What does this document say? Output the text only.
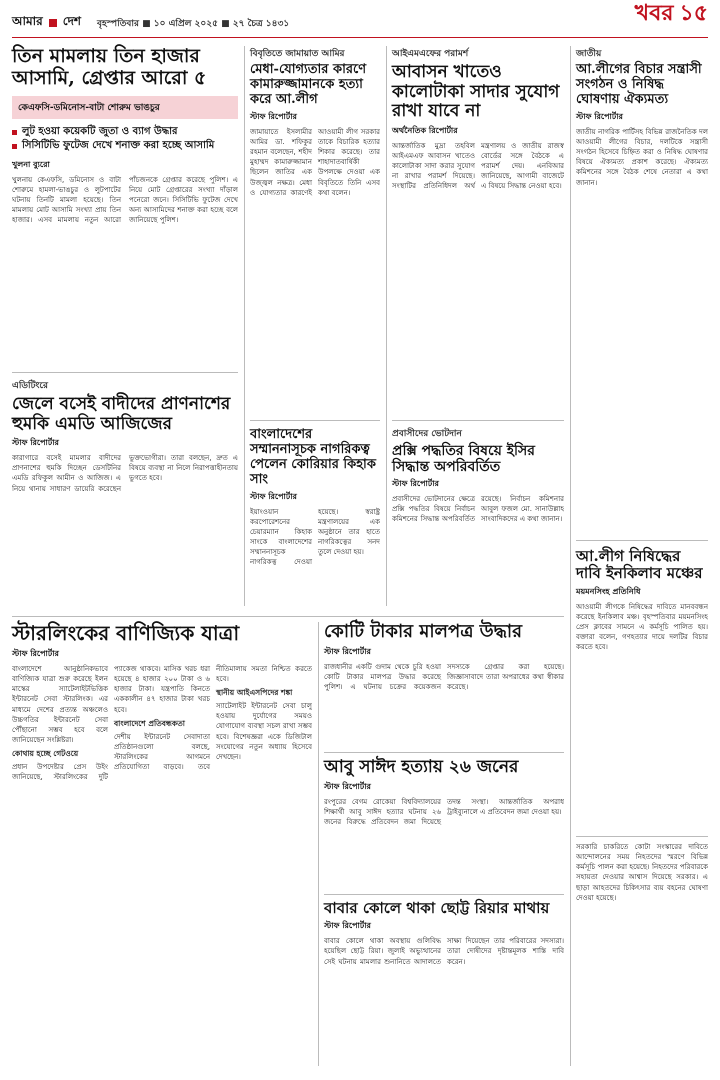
আমার দেশ বৃহস্পতিবার ■ ১০ এপ্রিল ২০২৫ ■ ২৭ চৈত্র ১৪৩১	খবর ১৫
তিন মামলায় তিন হাজার আসামি, গ্রেপ্তার আরো ৫
কেএফসি-ডমিনোস-বাটা শোরুম ভাঙচুর
লুট হওয়া কয়েকটি জুতা ও ব্যাগ উদ্ধার
সিসিটিভি ফুটেজ দেখে শনাক্ত করা হচ্ছে আসামি
খুলনা ব্যুরো

খুলনায় কেএফসি, ডমিনোস ও বাটা শোরুমে হামলা-ভাঙচুর ও লুটপাটের ঘটনায় তিনটি মামলা হয়েছে। তিন মামলায় মোট আসামি সংখ্যা প্রায় তিন হাজার। এসব মামলায় নতুন আরো পাঁচজনকে গ্রেপ্তার করেছে পুলিশ। এ নিয়ে মোট গ্রেপ্তারের সংখ্যা দাঁড়াল পনেরো জনে। সিসিটিভি ফুটেজ দেখে অন্য আসামিদের শনাক্ত করা হচ্ছে বলে জানিয়েছে পুলিশ।

এডিটিংরে
জেলে বসেই বাদীদের প্রাণনাশের হুমকি এমডি আজিজের
স্টাফ রিপোর্টার

কারাগারে বসেই মামলার বাদীদের প্রাণনাশের হুমকি দিচ্ছেন ডেসটিনির এমডি রফিকুল আমীন ও আজিজ। এ নিয়ে থানায় সাধারণ ডায়েরি করেছেন ভুক্তভোগীরা। তারা বলছেন, দ্রুত এ বিষয়ে ব্যবস্থা না নিলে নিরাপত্তাহীনতায় ভুগতে হবে।

বিবৃতিতে জামায়াত আমির
মেধা-যোগ্যতার কারণে কামারুজ্জামানকে হত্যা করে আ.লীগ
স্টাফ রিপোর্টার

জামায়াতে ইসলামীর আমির ডা. শফিকুর রহমান বলেছেন, শহীদ মুহাম্মদ কামারুজ্জামান ছিলেন জাতির এক উজ্জ্বল নক্ষত্র। মেধা ও যোগ্যতার কারণেই আওয়ামী লীগ সরকার তাকে বিচারিক হত্যার শিকার করেছে। তার শাহাদাতবার্ষিকী উপলক্ষে দেওয়া এক বিবৃতিতে তিনি এসব কথা বলেন।

বাংলাদেশের সম্মাননাসূচক নাগরিকত্ব পেলেন কোরিয়ার কিহাক সাং
স্টাফ রিপোর্টার

ইয়াংওয়ান করপোরেশনের চেয়ারম্যান কিহাক সাংকে বাংলাদেশের সম্মাননাসূচক নাগরিকত্ব দেওয়া হয়েছে। স্বরাষ্ট্র মন্ত্রণালয়ের এক অনুষ্ঠানে তার হাতে নাগরিকত্বের সনদ তুলে দেওয়া হয়।

আইএমএফের পরামর্শ
আবাসন খাতেও কালোটাকা সাদার সুযোগ রাখা যাবে না
অর্থনৈতিক রিপোর্টার

আন্তর্জাতিক মুদ্রা তহবিল আইএমএফ আবাসন খাতেও কালোটাকা সাদা করার সুযোগ না রাখার পরামর্শ দিয়েছে। সংস্থাটির প্রতিনিধিদল অর্থ মন্ত্রণালয় ও জাতীয় রাজস্ব বোর্ডের সঙ্গে বৈঠকে এ পরামর্শ দেয়। এনবিআর জানিয়েছে, আগামী বাজেটে এ বিষয়ে সিদ্ধান্ত নেওয়া হবে।

প্রবাসীদের ভোটদান
প্রক্সি পদ্ধতির বিষয়ে ইসির সিদ্ধান্ত অপরিবর্তিত
স্টাফ রিপোর্টার

প্রবাসীদের ভোটদানের ক্ষেত্রে প্রক্সি পদ্ধতির বিষয়ে নির্বাচন কমিশনের সিদ্ধান্ত অপরিবর্তিত রয়েছে। নির্বাচন কমিশনার আবুল ফজল মো. সানাউল্লাহ সাংবাদিকদের এ কথা জানান।

জাতীয়
আ.লীগের বিচার সন্ত্রাসী সংগঠন ও নিষিদ্ধ ঘোষণায় ঐক্যমত্য
স্টাফ রিপোর্টার

জাতীয় নাগরিক পার্টিসহ বিভিন্ন রাজনৈতিক দল আওয়ামী লীগের বিচার, দলটিকে সন্ত্রাসী সংগঠন হিসেবে চিহ্নিত করা ও নিষিদ্ধ ঘোষণার বিষয়ে ঐক্যমত্য প্রকাশ করেছে। ঐক্যমত্য কমিশনের সঙ্গে বৈঠক শেষে নেতারা এ কথা জানান।

আ.লীগ নিষিদ্ধের দাবি ইনকিলাব মঞ্চের
ময়মনসিংহ প্রতিনিধি

আওয়ামী লীগকে নিষিদ্ধের দাবিতে মানববন্ধন করেছে ইনকিলাব মঞ্চ। বৃহস্পতিবার ময়মনসিংহ প্রেস ক্লাবের সামনে এ কর্মসূচি পালিত হয়। বক্তারা বলেন, গণহত্যার দায়ে দলটির বিচার করতে হবে।

সরকারি চাকরিতে কোটা সংস্কারের দাবিতে আন্দোলনের সময় নিহতদের স্মরণে বিভিন্ন কর্মসূচি পালন করা হয়েছে। নিহতদের পরিবারকে সহায়তা দেওয়ার আশ্বাস দিয়েছে সরকার। এ ছাড়া আহতদের চিকিৎসার ব্যয় বহনের ঘোষণা দেওয়া হয়েছে।

স্টারলিংকের বাণিজ্যিক যাত্রা
স্টাফ রিপোর্টার

বাংলাদেশে আনুষ্ঠানিকভাবে বাণিজ্যিক যাত্রা শুরু করেছে ইলন মাস্কের স্যাটেলাইটভিত্তিক ইন্টারনেট সেবা স্টারলিংক। এর মাধ্যমে দেশের প্রত্যন্ত অঞ্চলেও উচ্চগতির ইন্টারনেট সেবা পৌঁছানো সম্ভব হবে বলে জানিয়েছেন সংশ্লিষ্টরা।

কোথায় হচ্ছে গেটওয়ে

প্রধান উপদেষ্টার প্রেস উইং জানিয়েছে, স্টারলিংকের দুটি প্যাকেজ থাকবে। মাসিক খরচ ধরা হয়েছে ৪ হাজার ২০০ টাকা ও ৬ হাজার টাকা। যন্ত্রপাতি কিনতে এককালীন ৪৭ হাজার টাকা খরচ হবে।

বাংলাদেশে প্রতিবন্ধকতা

দেশীয় ইন্টারনেট সেবাদাতা প্রতিষ্ঠানগুলো বলছে, স্টারলিংকের আগমনে প্রতিযোগিতা বাড়বে। তবে নীতিমালায় সমতা নিশ্চিত করতে হবে।

স্থানীয় আইএসপিদের শঙ্কা

স্যাটেলাইট ইন্টারনেট সেবা চালু হওয়ায় দুর্যোগের সময়ও যোগাযোগ ব্যবস্থা সচল রাখা সম্ভব হবে। বিশেষজ্ঞরা একে ডিজিটাল সংযোগের নতুন অধ্যায় হিসেবে দেখছেন।

কোটি টাকার মালপত্র উদ্ধার
স্টাফ রিপোর্টার

রাজধানীর একটি গুদাম থেকে চুরি হওয়া কোটি টাকার মালপত্র উদ্ধার করেছে পুলিশ। এ ঘটনায় চক্রের কয়েকজন সদস্যকে গ্রেপ্তার করা হয়েছে। জিজ্ঞাসাবাদে তারা অপরাধের কথা স্বীকার করেছে।

আবু সাঈদ হত্যায় ২৬ জনের
স্টাফ রিপোর্টার

রংপুরের বেগম রোকেয়া বিশ্ববিদ্যালয়ের শিক্ষার্থী আবু সাঈদ হত্যার ঘটনায় ২৬ জনের বিরুদ্ধে প্রতিবেদন জমা দিয়েছে তদন্ত সংস্থা। আন্তর্জাতিক অপরাধ ট্রাইব্যুনালে এ প্রতিবেদন জমা দেওয়া হয়।

বাবার কোলে থাকা ছোট্ট রিয়ার মাথায়
স্টাফ রিপোর্টার

বাবার কোলে থাকা অবস্থায় গুলিবিদ্ধ হয়েছিল ছোট্ট রিয়া। জুলাই অভ্যুত্থানের সেই ঘটনায় মামলার শুনানিতে আদালতে সাক্ষ্য দিয়েছেন তার পরিবারের সদস্যরা। তারা দোষীদের দৃষ্টান্তমূলক শাস্তি দাবি করেন।
